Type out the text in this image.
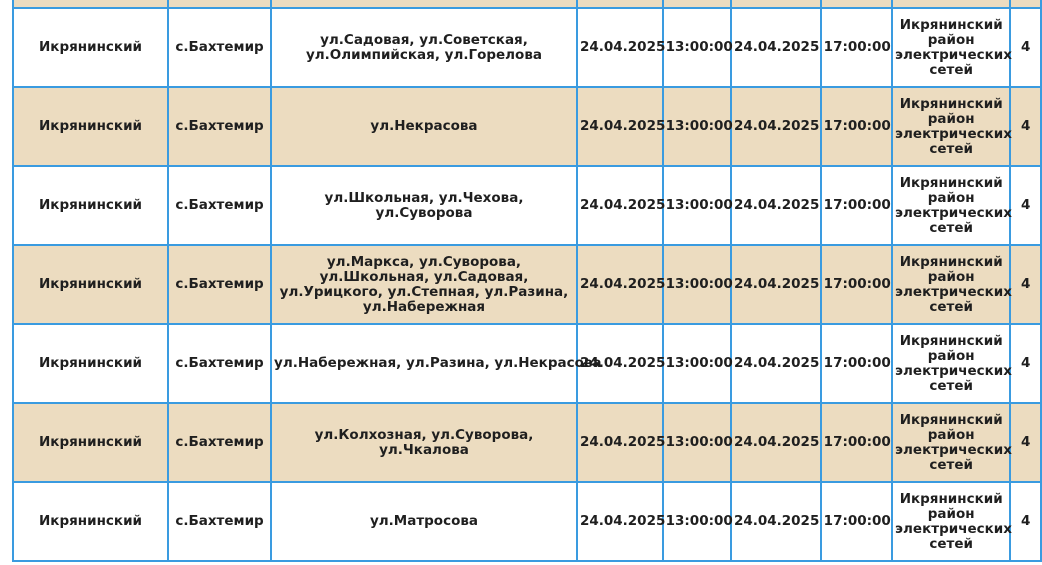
Икрянинский	с.Бахтемир	ул.Садовая, ул.Советская, ул.Олимпийская, ул.Горелова	24.04.2025	13:00:00	24.04.2025	17:00:00	Икрянинский район электрических сетей	4
Икрянинский	с.Бахтемир	ул.Некрасова	24.04.2025	13:00:00	24.04.2025	17:00:00	Икрянинский район электрических сетей	4
Икрянинский	с.Бахтемир	ул.Школьная, ул.Чехова, ул.Суворова	24.04.2025	13:00:00	24.04.2025	17:00:00	Икрянинский район электрических сетей	4
Икрянинский	с.Бахтемир	ул.Маркса, ул.Суворова, ул.Школьная, ул.Садовая, ул.Урицкого, ул.Степная, ул.Разина, ул.Набережная	24.04.2025	13:00:00	24.04.2025	17:00:00	Икрянинский район электрических сетей	4
Икрянинский	с.Бахтемир	ул.Набережная, ул.Разина, ул.Некрасова	24.04.2025	13:00:00	24.04.2025	17:00:00	Икрянинский район электрических сетей	4
Икрянинский	с.Бахтемир	ул.Колхозная, ул.Суворова, ул.Чкалова	24.04.2025	13:00:00	24.04.2025	17:00:00	Икрянинский район электрических сетей	4
Икрянинский	с.Бахтемир	ул.Матросова	24.04.2025	13:00:00	24.04.2025	17:00:00	Икрянинский район электрических сетей	4
